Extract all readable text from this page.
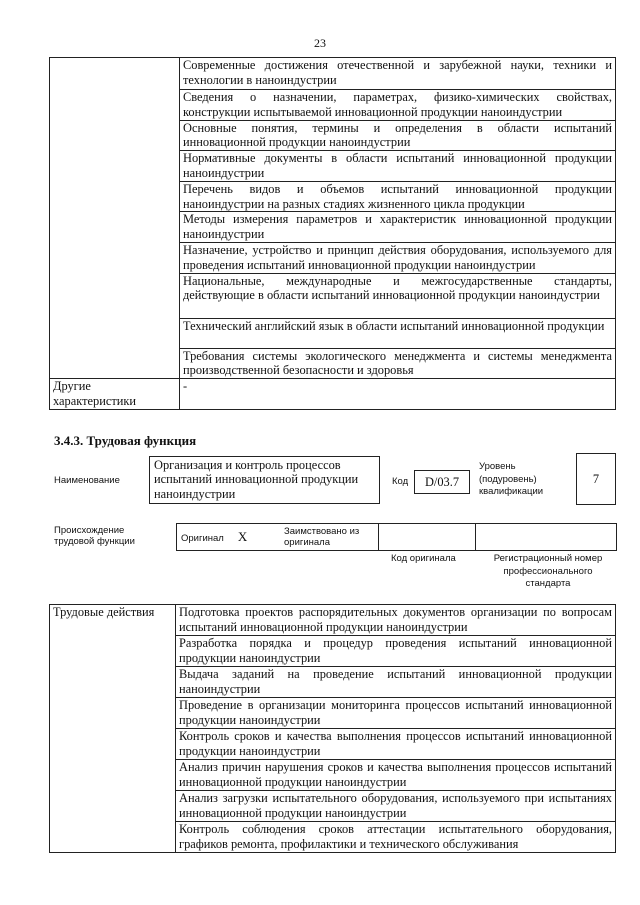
23
	Современные достижения отечественной и зарубежной науки, техники и технологии в наноиндустрии
	Сведения о назначении, параметрах, физико-химических свойствах, конструкции испытываемой инновационной продукции наноиндустрии
	Основные понятия, термины и определения в области испытаний инновационной продукции наноиндустрии
	Нормативные документы в области испытаний инновационной продукции наноиндустрии
	Перечень видов и объемов испытаний инновационной продукции наноиндустрии на разных стадиях жизненного цикла продукции
	Методы измерения параметров и характеристик инновационной продукции наноиндустрии
	Назначение, устройство и принцип действия оборудования, используемого для проведения испытаний инновационной продукции наноиндустрии
	Национальные, международные и межгосударственные стандарты, действующие в области испытаний инновационной продукции наноиндустрии
	Технический английский язык в области испытаний инновационной продукции
	Требования системы экологического менеджмента и системы менеджмента производственной безопасности и здоровья
Другие характеристики	-
3.4.3. Трудовая функция
Наименование
Организация и контроль процессов испытаний инновационной продукции наноиндустрии
Код	D/03.7
Уровень (подуровень) квалификации
7
Происхождение трудовой функции	Оригинал X	Заимствовано из оригинала

Код оригинала	Регистрационный номер профессионального стандарта
Трудовые действия	Подготовка проектов распорядительных документов организации по вопросам испытаний инновационной продукции наноиндустрии
Разработка порядка и процедур проведения испытаний инновационной продукции наноиндустрии
Выдача заданий на проведение испытаний инновационной продукции наноиндустрии
Проведение в организации мониторинга процессов испытаний инновационной продукции наноиндустрии
Контроль сроков и качества выполнения процессов испытаний инновационной продукции наноиндустрии
Анализ причин нарушения сроков и качества выполнения процессов испытаний инновационной продукции наноиндустрии
Анализ загрузки испытательного оборудования, используемого при испытаниях инновационной продукции наноиндустрии
Контроль соблюдения сроков аттестации испытательного оборудования, графиков ремонта, профилактики и технического обслуживания
